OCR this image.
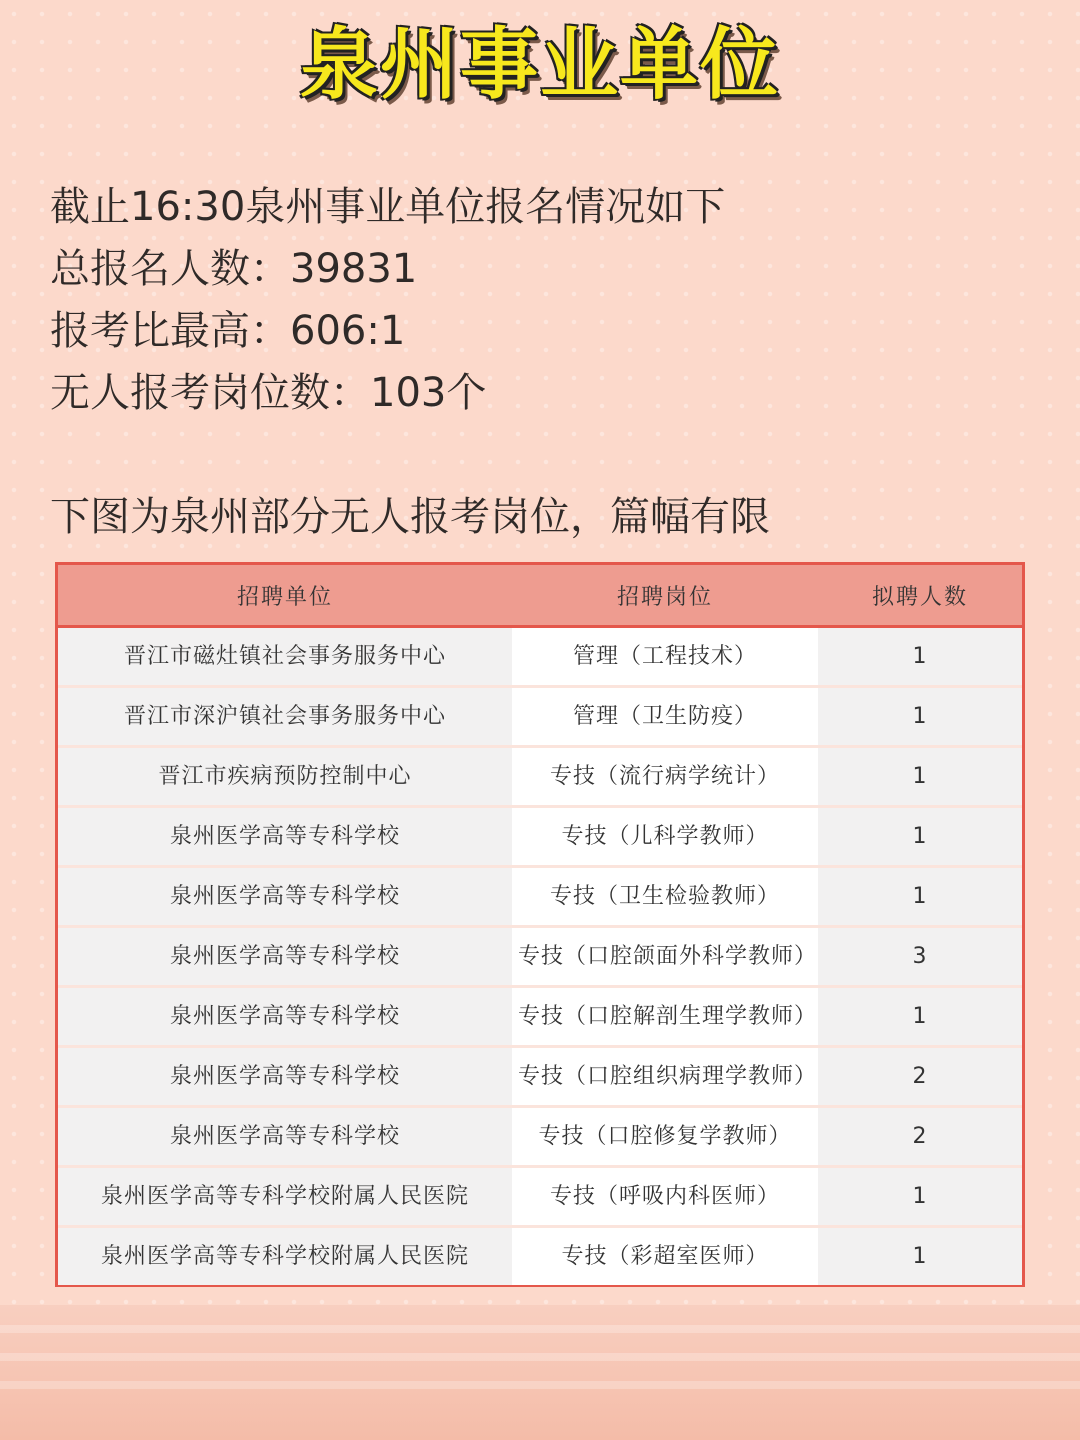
泉州事业单位
截止16:30泉州事业单位报名情况如下
总报名人数：39831
报考比最高：606:1
无人报考岗位数：103个
下图为泉州部分无人报考岗位，篇幅有限
招聘单位	招聘岗位	拟聘人数
晋江市磁灶镇社会事务服务中心	管理（工程技术）	1
晋江市深沪镇社会事务服务中心	管理（卫生防疫）	1
晋江市疾病预防控制中心	专技（流行病学统计）	1
泉州医学高等专科学校	专技（儿科学教师）	1
泉州医学高等专科学校	专技（卫生检验教师）	1
泉州医学高等专科学校	专技（口腔颌面外科学教师）	3
泉州医学高等专科学校	专技（口腔解剖生理学教师）	1
泉州医学高等专科学校	专技（口腔组织病理学教师）	2
泉州医学高等专科学校	专技（口腔修复学教师）	2
泉州医学高等专科学校附属人民医院	专技（呼吸内科医师）	1
泉州医学高等专科学校附属人民医院	专技（彩超室医师）	1
